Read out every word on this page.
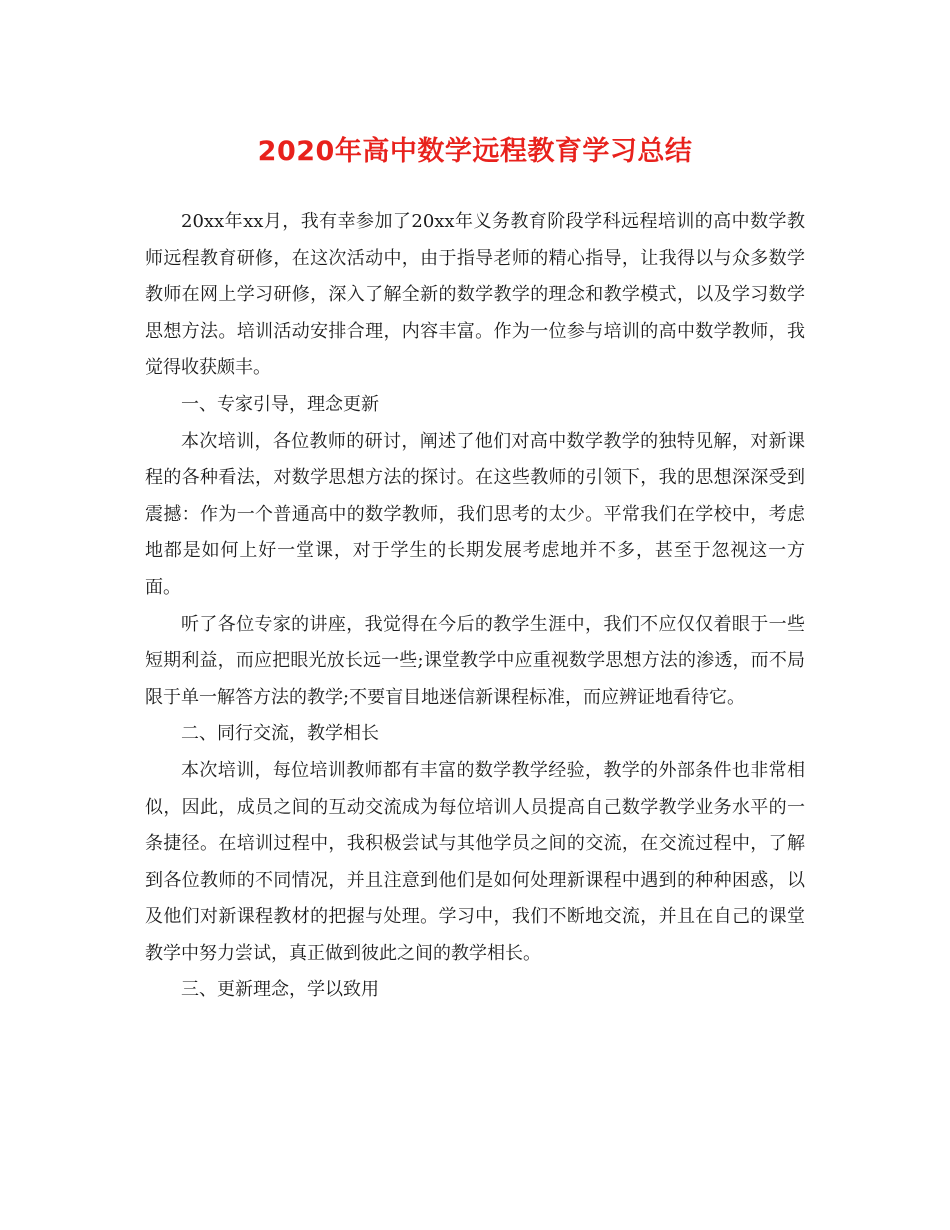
2020年高中数学远程教育学习总结

20xx年xx月，我有幸参加了20xx年义务教育阶段学科远程培训的高中数学教师远程教育研修，在这次活动中，由于指导老师的精心指导，让我得以与众多数学教师在网上学习研修，深入了解全新的数学教学的理念和教学模式，以及学习数学思想方法。培训活动安排合理，内容丰富。作为一位参与培训的高中数学教师，我觉得收获颇丰。

一、专家引导，理念更新

本次培训，各位教师的研讨，阐述了他们对高中数学教学的独特见解，对新课程的各种看法，对数学思想方法的探讨。在这些教师的引领下，我的思想深深受到震撼：作为一个普通高中的数学教师，我们思考的太少。平常我们在学校中，考虑地都是如何上好一堂课，对于学生的长期发展考虑地并不多，甚至于忽视这一方面。

听了各位专家的讲座，我觉得在今后的教学生涯中，我们不应仅仅着眼于一些短期利益，而应把眼光放长远一些;课堂教学中应重视数学思想方法的渗透，而不局限于单一解答方法的教学;不要盲目地迷信新课程标准，而应辨证地看待它。

二、同行交流，教学相长

本次培训，每位培训教师都有丰富的数学教学经验，教学的外部条件也非常相似，因此，成员之间的互动交流成为每位培训人员提高自己数学教学业务水平的一条捷径。在培训过程中，我积极尝试与其他学员之间的交流，在交流过程中，了解到各位教师的不同情况，并且注意到他们是如何处理新课程中遇到的种种困惑，以及他们对新课程教材的把握与处理。学习中，我们不断地交流，并且在自己的课堂教学中努力尝试，真正做到彼此之间的教学相长。

三、更新理念，学以致用
